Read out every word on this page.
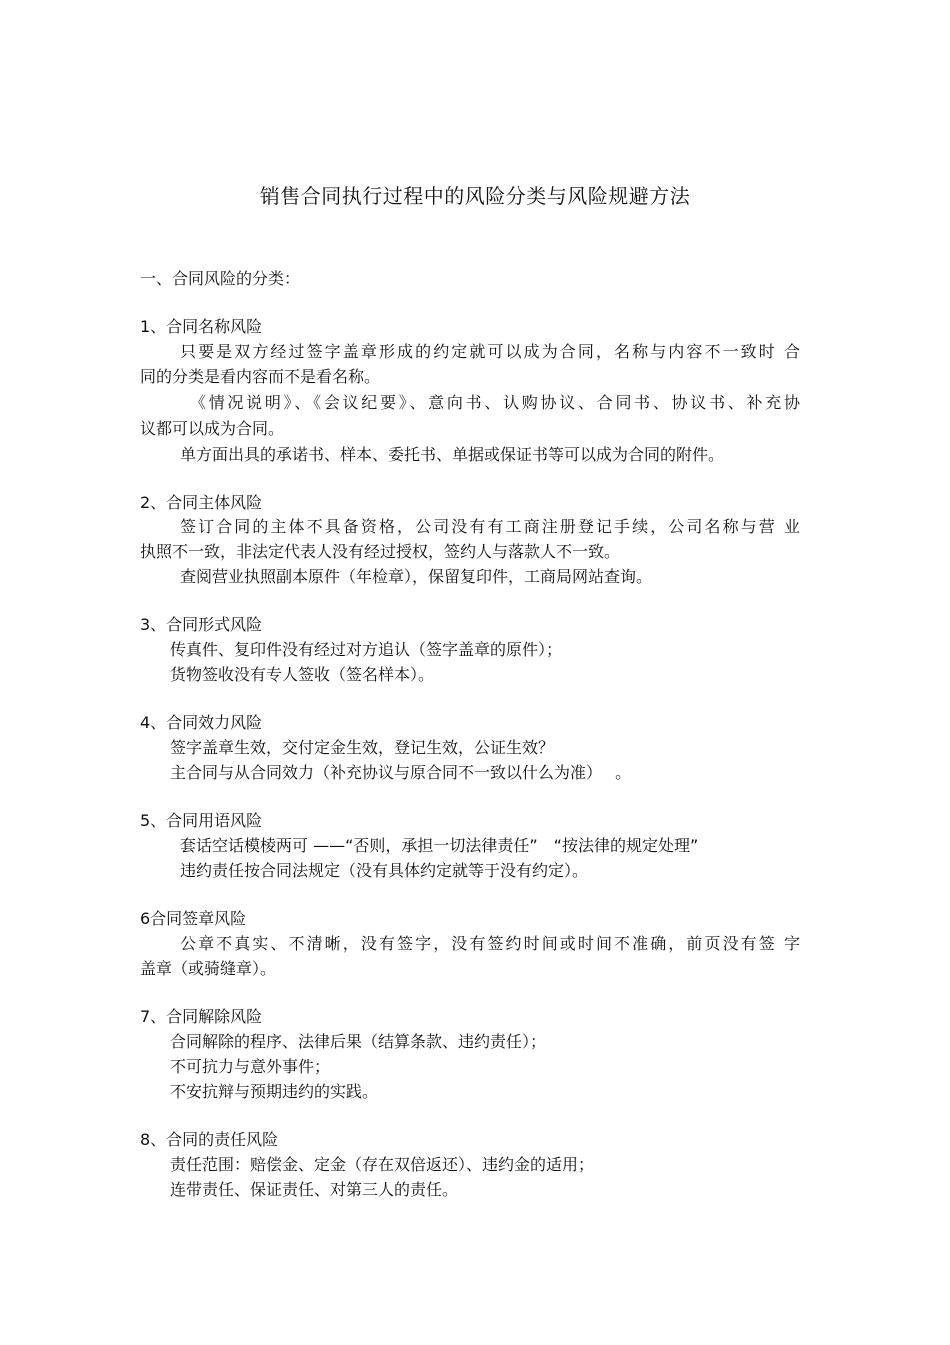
销售合同执行过程中的风险分类与风险规避方法
一、合同风险的分类：
1、合同名称风险
只要是双方经过签字盖章形成的约定就可以成为合同，名称与内容不一致时 合
同的分类是看内容而不是看名称。
《情况说明》、《会议纪要》、意向书、认购协议、合同书、协议书、补充协
议都可以成为合同。
单方面出具的承诺书、样本、委托书、单据或保证书等可以成为合同的附件。
2、合同主体风险
签订合同的主体不具备资格，公司没有有工商注册登记手续，公司名称与营 业
执照不一致，非法定代表人没有经过授权，签约人与落款人不一致。
查阅营业执照副本原件（年检章），保留复印件，工商局网站查询。
3、合同形式风险
传真件、复印件没有经过对方追认（签字盖章的原件）；
货物签收没有专人签收（签名样本）。
4、合同效力风险
签字盖章生效，交付定金生效，登记生效，公证生效？
主合同与从合同效力（补充协议与原合同不一致以什么为准）　 。
5、合同用语风险
套话空话模棱两可 ——“否则，承担一切法律责任”　“按法律的规定处理”
违约责任按合同法规定（没有具体约定就等于没有约定）。
6合同签章风险
公章不真实、不清晰，没有签字，没有签约时间或时间不准确，前页没有签 字
盖章（或骑缝章）。
7、合同解除风险
合同解除的程序、法律后果（结算条款、违约责任）；
不可抗力与意外事件；
不安抗辩与预期违约的实践。
8、合同的责任风险
责任范围：赔偿金、定金（存在双倍返还）、违约金的适用；
连带责任、保证责任、对第三人的责任。
